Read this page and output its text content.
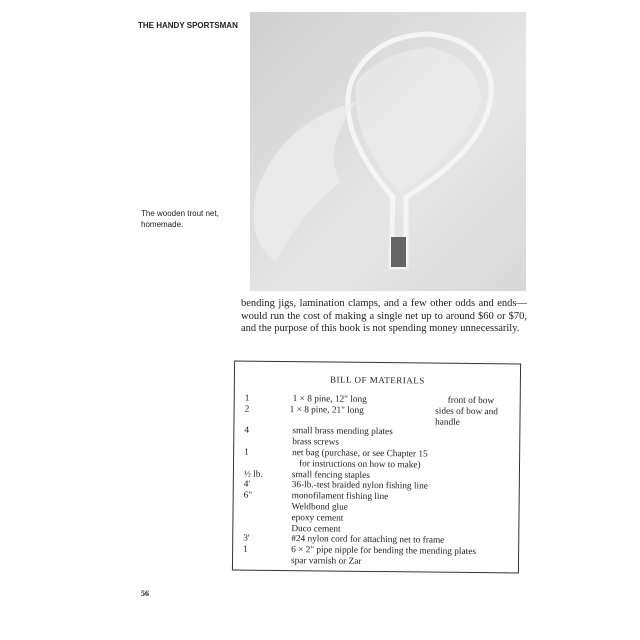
THE HANDY SPORTSMAN
The wooden trout net,
homemade.
bending jigs, lamination clamps, and a few other odds and ends—would run the cost of making a single net up to around $60 or $70, and the purpose of this book is not spending money unnecessarily.
BILL OF MATERIALS
1	1 × 8 pine, 12" long	front of bow
2	1 × 8 pine, 21" long	sides of bow and handle
4	small brass mending plates
brass screws
1	net bag (purchase, or see Chapter 15
for instructions on how to make)
½ lb.	small fencing staples
4'	36-lb.-test braided nylon fishing line
6"	monofilament fishing line
Weldbond glue
epoxy cement
Duco cement
3'	#24 nylon cord for attaching net to frame
1	6 × 2" pipe nipple for bending the mending plates
spar varnish or Zar
56
